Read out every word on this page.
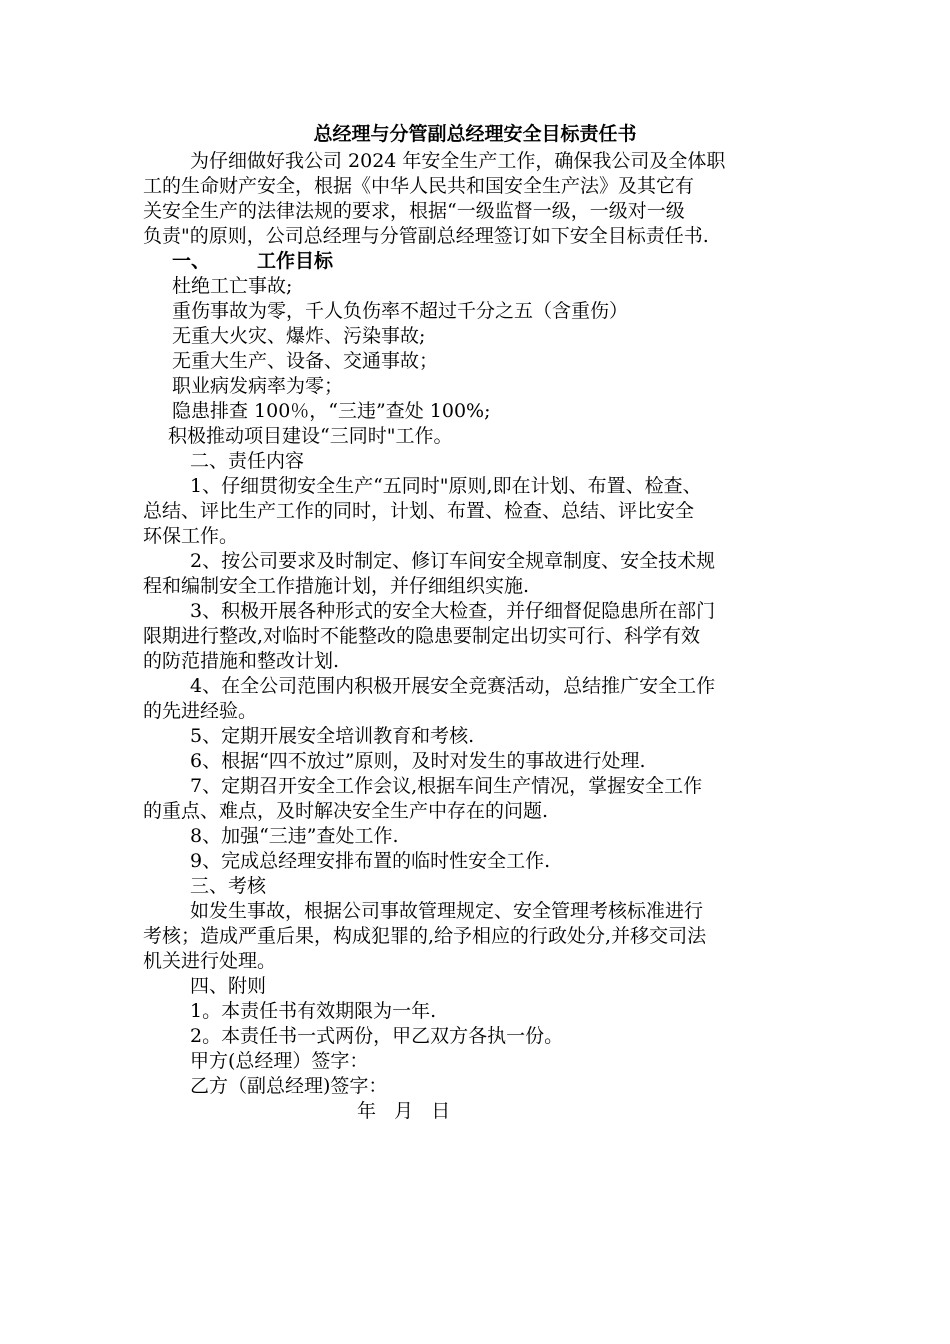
总经理与分管副总经理安全目标责任书
为仔细做好我公司 2024 年安全生产工作，确保我公司及全体职
工的生命财产安全，根据《中华人民共和国安全生产法》及其它有
关安全生产的法律法规的要求，根据“一级监督一级，一级对一级
负责"的原则，公司总经理与分管副总经理签订如下安全目标责任书.
一、 工作目标
杜绝工亡事故;
重伤事故为零，千人负伤率不超过千分之五（含重伤）
无重大火灾、爆炸、污染事故;
无重大生产、设备、交通事故；
职业病发病率为零；
隐患排查 100％，“三违”查处 100%;
积极推动项目建设“三同时"工作。
二、责任内容
1、仔细贯彻安全生产“五同时"原则,即在计划、布置、检查、
总结、评比生产工作的同时，计划、布置、检查、总结、评比安全
环保工作。
2、按公司要求及时制定、修订车间安全规章制度、安全技术规
程和编制安全工作措施计划，并仔细组织实施.
3、积极开展各种形式的安全大检查，并仔细督促隐患所在部门
限期进行整改,对临时不能整改的隐患要制定出切实可行、科学有效
的防范措施和整改计划.
4、在全公司范围内积极开展安全竞赛活动，总结推广安全工作
的先进经验。
5、定期开展安全培训教育和考核.
6、根据“四不放过”原则，及时对发生的事故进行处理.
7、定期召开安全工作会议,根据车间生产情况，掌握安全工作
的重点、难点，及时解决安全生产中存在的问题.
8、加强“三违”查处工作.
9、完成总经理安排布置的临时性安全工作.
三、考核
如发生事故，根据公司事故管理规定、安全管理考核标准进行
考核；造成严重后果，构成犯罪的,给予相应的行政处分,并移交司法
机关进行处理。
四、附则
1。本责任书有效期限为一年.
2。本责任书一式两份，甲乙双方各执一份。
甲方(总经理）签字：
乙方（副总经理)签字：
年   月   日
